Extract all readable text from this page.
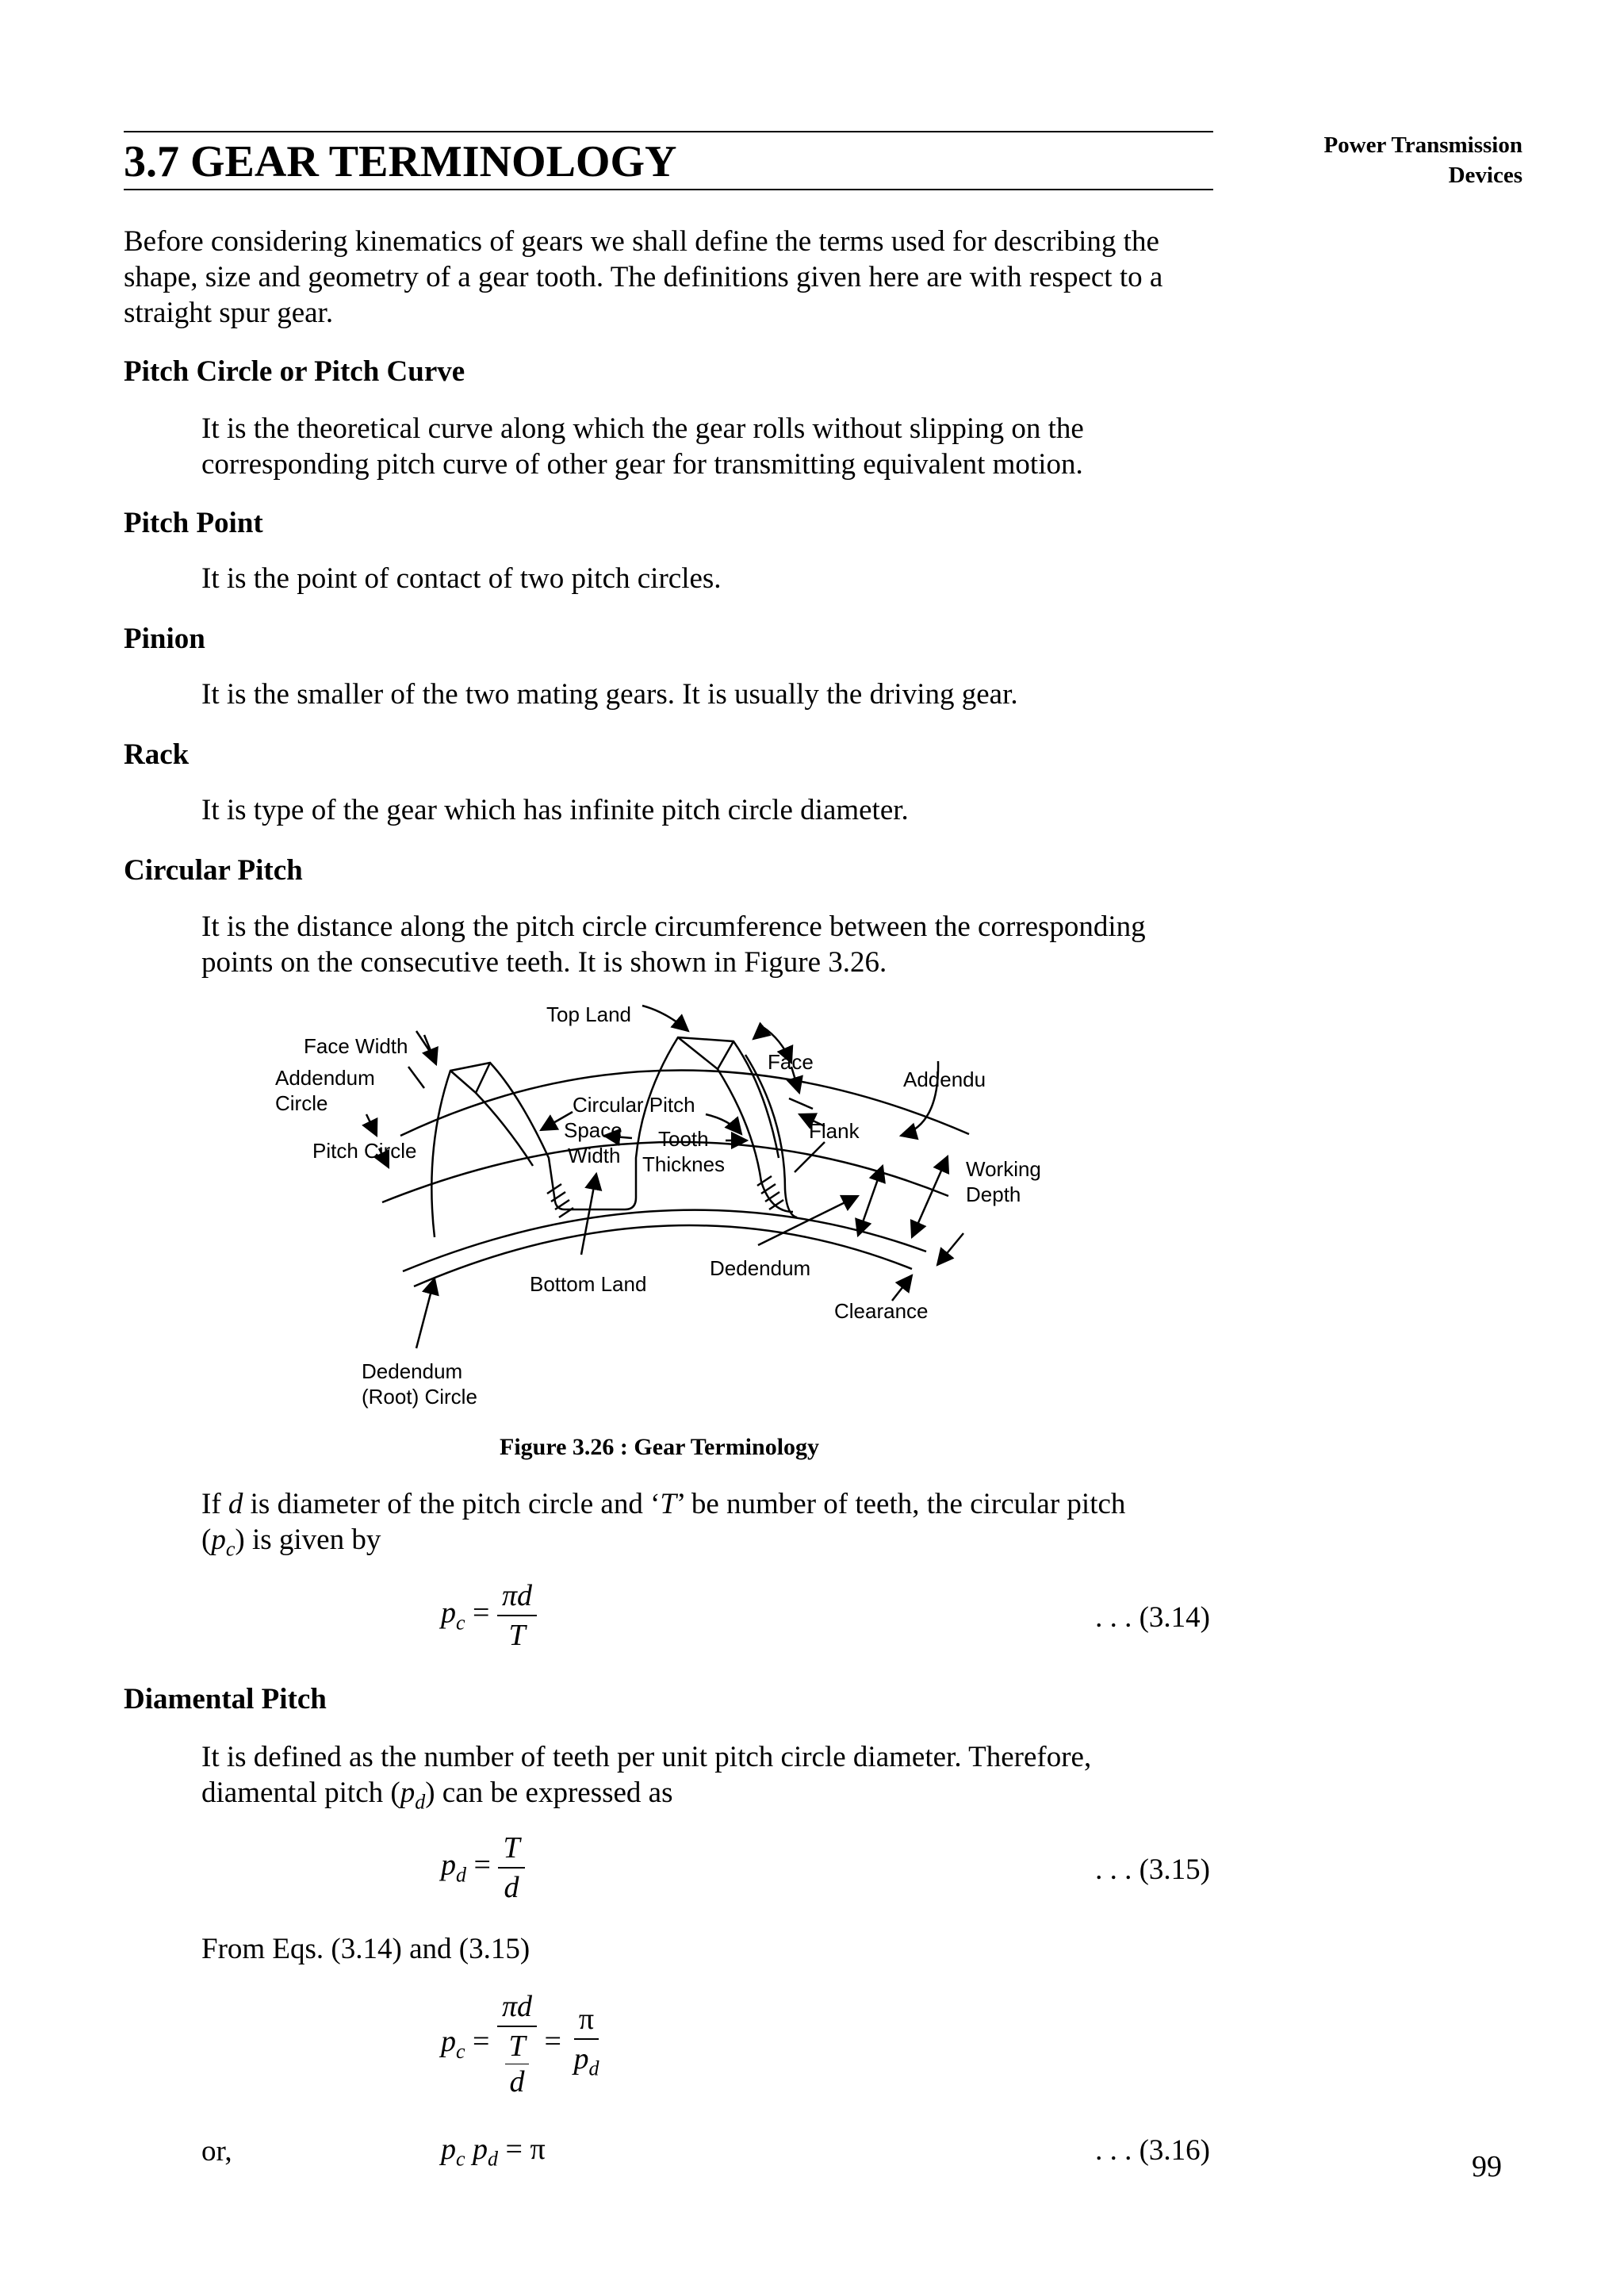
3.7 GEAR TERMINOLOGY	Power Transmission
Devices
Before considering kinematics of gears we shall define the terms used for describing the
shape, size and geometry of a gear tooth. The definitions given here are with respect to a
straight spur gear.
Pitch Circle or Pitch Curve
It is the theoretical curve along which the gear rolls without slipping on the
corresponding pitch curve of other gear for transmitting equivalent motion.
Pitch Point
It is the point of contact of two pitch circles.
Pinion
It is the smaller of the two mating gears. It is usually the driving gear.
Rack
It is type of the gear which has infinite pitch circle diameter.
Circular Pitch
It is the distance along the pitch circle circumference between the corresponding
points on the consecutive teeth. It is shown in Figure 3.26.
Top Land
Face Width
Addendum
Circle
Face
Addendu
Circular Pitch
Space
Width
Tooth
Thicknes
Flank
Pitch Circle
Working
Depth
Dedendum
Bottom Land
Clearance
Dedendum
(Root) Circle
Figure 3.26 : Gear Terminology
If d is diameter of the pitch circle and ‘T’ be number of teeth, the circular pitch
$(p_c)$ is given by
$p_c = \frac{\pi d}{T}$	. . . (3.14)
Diamental Pitch
It is defined as the number of teeth per unit pitch circle diameter. Therefore,
diamental pitch $(p_d)$ can be expressed as
$p_d = \frac{T}{d}$	. . . (3.15)
From Eqs. (3.14) and (3.15)
$p_c = \pi d$
T
$d = \frac{\pi}{p_d}$
or,	$p_c$ $p_d = \pi$	. . . (3.16)	99
